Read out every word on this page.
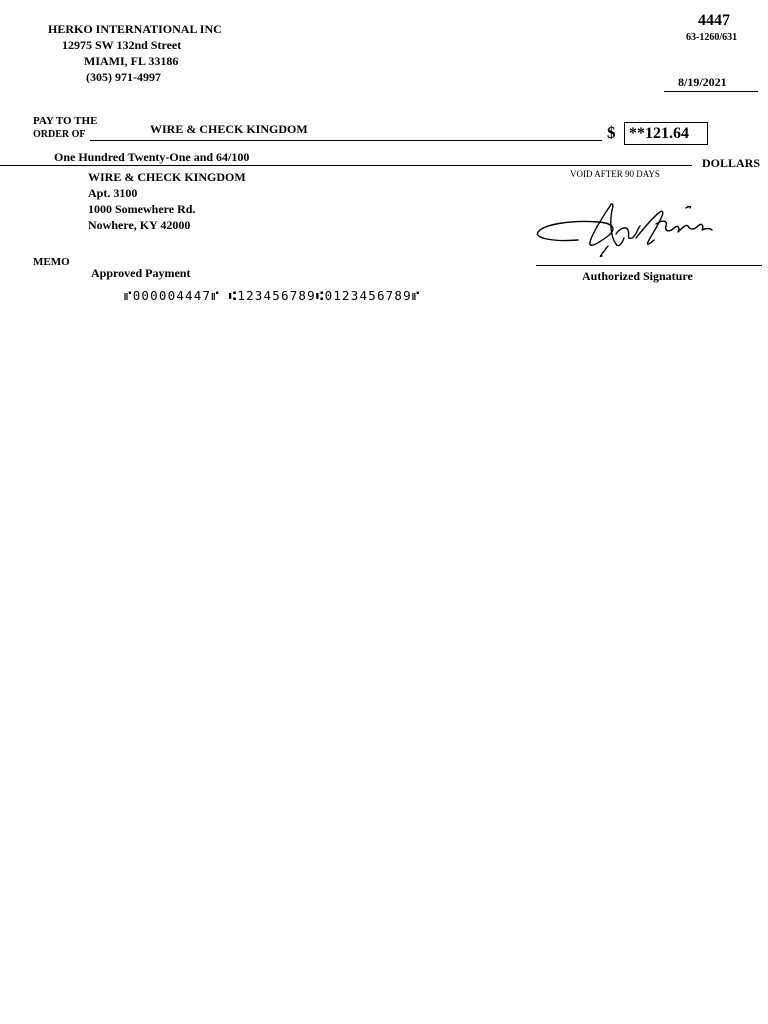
HERKO INTERNATIONAL INC
12975 SW 132nd Street
MIAMI, FL 33186
(305) 971-4997
4447
63-1260/631
8/19/2021
PAY TO THE
ORDER OF	WIRE & CHECK KINGDOM	$ **121.64
One Hundred Twenty-One and 64/100	DOLLARS
WIRE & CHECK KINGDOM
Apt. 3100
1000 Somewhere Rd.
Nowhere, KY 42000
VOID AFTER 90 DAYS
Authorized Signature
MEMO
Approved Payment
⑈000004447⑈ ⑆123456789⑆0123456789⑈
